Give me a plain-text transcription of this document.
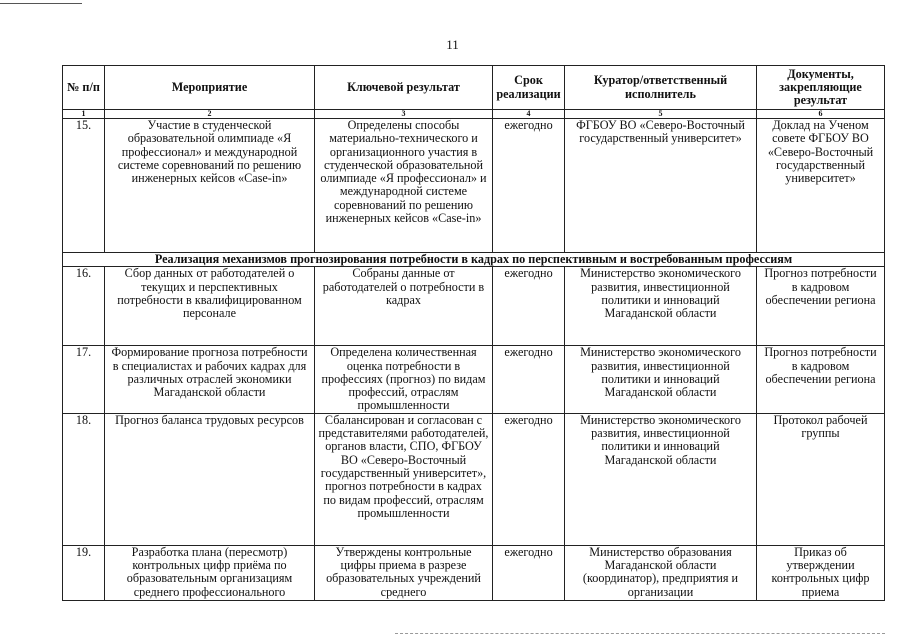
11
№ п/п	Мероприятие	Ключевой результат	Срок реализации	Куратор/ответственный исполнитель	Документы, закрепляющие результат
1	2	3	4	5	6
15.	Участие в студенческой образовательной олимпиаде «Я профессионал» и международной системе соревнований по решению инженерных кейсов «Case-in»	Определены способы материально-технического и организационного участия в студенческой образовательной олимпиаде «Я профессионал» и международной системе соревнований по решению инженерных кейсов «Case-in»	ежегодно	ФГБОУ ВО «Северо-Восточный государственный университет»	Доклад на Ученом совете ФГБОУ ВО «Северо-Восточный государственный университет»
Реализация механизмов прогнозирования потребности в кадрах по перспективным и востребованным профессиям					
16.	Сбор данных от работодателей о текущих и перспективных потребности в квалифицированном персонале	Собраны данные от работодателей о потребности в кадрах	ежегодно	Министерство экономического развития, инвестиционной политики и инноваций Магаданской области	Прогноз потребности в кадровом обеспечении региона
17.	Формирование прогноза потребности в специалистах и рабочих кадрах для различных отраслей экономики Магаданской области	Определена количественная оценка потребности в профессиях (прогноз) по видам профессий, отраслям промышленности	ежегодно	Министерство экономического развития, инвестиционной политики и инноваций Магаданской области	Прогноз потребности в кадровом обеспечении региона
18.	Прогноз баланса трудовых ресурсов	Сбалансирован и согласован с представителями работодателей, органов власти, СПО, ФГБОУ ВО «Северо-Восточный государственный университет», прогноз потребности в кадрах по видам профессий, отраслям промышленности	ежегодно	Министерство экономического развития, инвестиционной политики и инноваций Магаданской области	Протокол рабочей группы
19.	Разработка плана (пересмотр) контрольных цифр приёма по образовательным организациям среднего профессионального	Утверждены контрольные цифры приема в разрезе образовательных учреждений среднего	ежегодно	Министерство образования Магаданской области (координатор), предприятия и организации	Приказ об утверждении контрольных цифр приема
